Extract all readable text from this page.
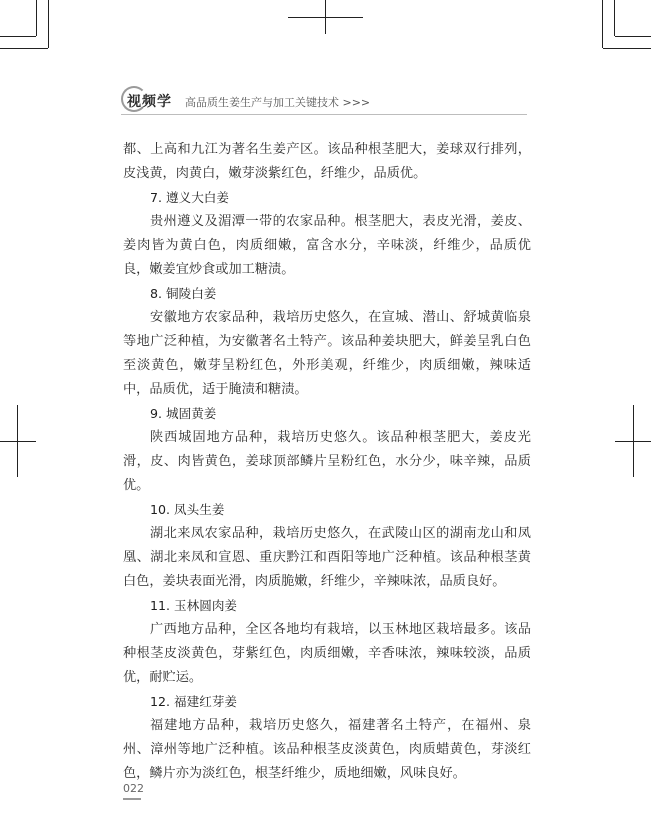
视频学 高品质生姜生产与加工关键技术 >>>

都、上高和九江为著名生姜产区。该品种根茎肥大，姜球双行排列，皮浅黄，肉黄白，嫩芽淡紫红色，纤维少，品质优。

7. 遵义大白姜

贵州遵义及湄潭一带的农家品种。根茎肥大，表皮光滑，姜皮、姜肉皆为黄白色，肉质细嫩，富含水分，辛味淡，纤维少，品质优良，嫩姜宜炒食或加工糖渍。

8. 铜陵白姜

安徽地方农家品种，栽培历史悠久，在宣城、潜山、舒城黄临泉等地广泛种植，为安徽著名土特产。该品种姜块肥大，鲜姜呈乳白色至淡黄色，嫩芽呈粉红色，外形美观，纤维少，肉质细嫩，辣味适中，品质优，适于腌渍和糖渍。

9. 城固黄姜

陕西城固地方品种，栽培历史悠久。该品种根茎肥大，姜皮光滑，皮、肉皆黄色，姜球顶部鳞片呈粉红色，水分少，味辛辣，品质优。

10. 凤头生姜

湖北来凤农家品种，栽培历史悠久，在武陵山区的湖南龙山和凤凰、湖北来凤和宣恩、重庆黔江和酉阳等地广泛种植。该品种根茎黄白色，姜块表面光滑，肉质脆嫩，纤维少，辛辣味浓，品质良好。

11. 玉林圆肉姜

广西地方品种，全区各地均有栽培，以玉林地区栽培最多。该品种根茎皮淡黄色，芽紫红色，肉质细嫩，辛香味浓，辣味较淡，品质优，耐贮运。

12. 福建红芽姜

福建地方品种，栽培历史悠久，福建著名土特产，在福州、泉州、漳州等地广泛种植。该品种根茎皮淡黄色，肉质蜡黄色，芽淡红色，鳞片亦为淡红色，根茎纤维少，质地细嫩，风味良好。

022
